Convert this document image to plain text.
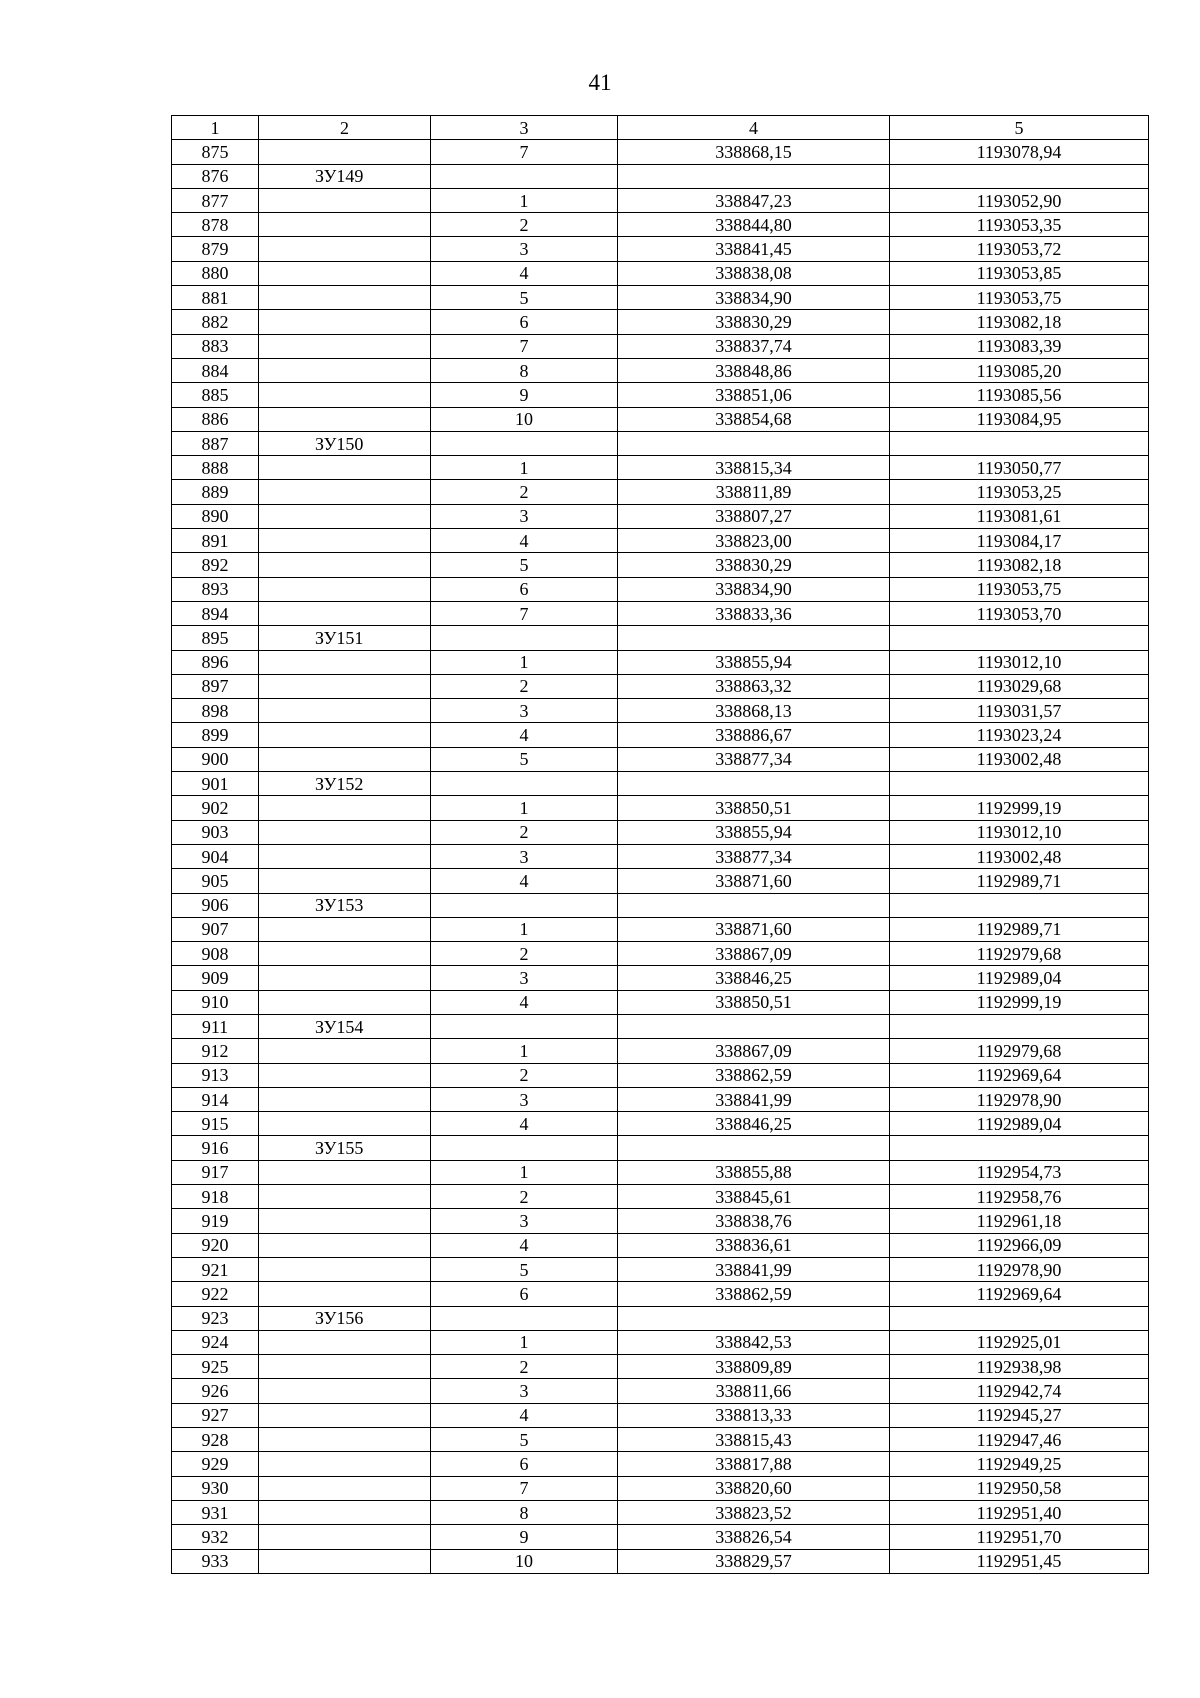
41
1	2	3	4	5
875		7	338868,15	1193078,94
876	ЗУ149			
877		1	338847,23	1193052,90
878		2	338844,80	1193053,35
879		3	338841,45	1193053,72
880		4	338838,08	1193053,85
881		5	338834,90	1193053,75
882		6	338830,29	1193082,18
883		7	338837,74	1193083,39
884		8	338848,86	1193085,20
885		9	338851,06	1193085,56
886		10	338854,68	1193084,95
887	ЗУ150			
888		1	338815,34	1193050,77
889		2	338811,89	1193053,25
890		3	338807,27	1193081,61
891		4	338823,00	1193084,17
892		5	338830,29	1193082,18
893		6	338834,90	1193053,75
894		7	338833,36	1193053,70
895	ЗУ151			
896		1	338855,94	1193012,10
897		2	338863,32	1193029,68
898		3	338868,13	1193031,57
899		4	338886,67	1193023,24
900		5	338877,34	1193002,48
901	ЗУ152			
902		1	338850,51	1192999,19
903		2	338855,94	1193012,10
904		3	338877,34	1193002,48
905		4	338871,60	1192989,71
906	ЗУ153			
907		1	338871,60	1192989,71
908		2	338867,09	1192979,68
909		3	338846,25	1192989,04
910		4	338850,51	1192999,19
911	ЗУ154			
912		1	338867,09	1192979,68
913		2	338862,59	1192969,64
914		3	338841,99	1192978,90
915		4	338846,25	1192989,04
916	ЗУ155			
917		1	338855,88	1192954,73
918		2	338845,61	1192958,76
919		3	338838,76	1192961,18
920		4	338836,61	1192966,09
921		5	338841,99	1192978,90
922		6	338862,59	1192969,64
923	ЗУ156			
924		1	338842,53	1192925,01
925		2	338809,89	1192938,98
926		3	338811,66	1192942,74
927		4	338813,33	1192945,27
928		5	338815,43	1192947,46
929		6	338817,88	1192949,25
930		7	338820,60	1192950,58
931		8	338823,52	1192951,40
932		9	338826,54	1192951,70
933		10	338829,57	1192951,45
